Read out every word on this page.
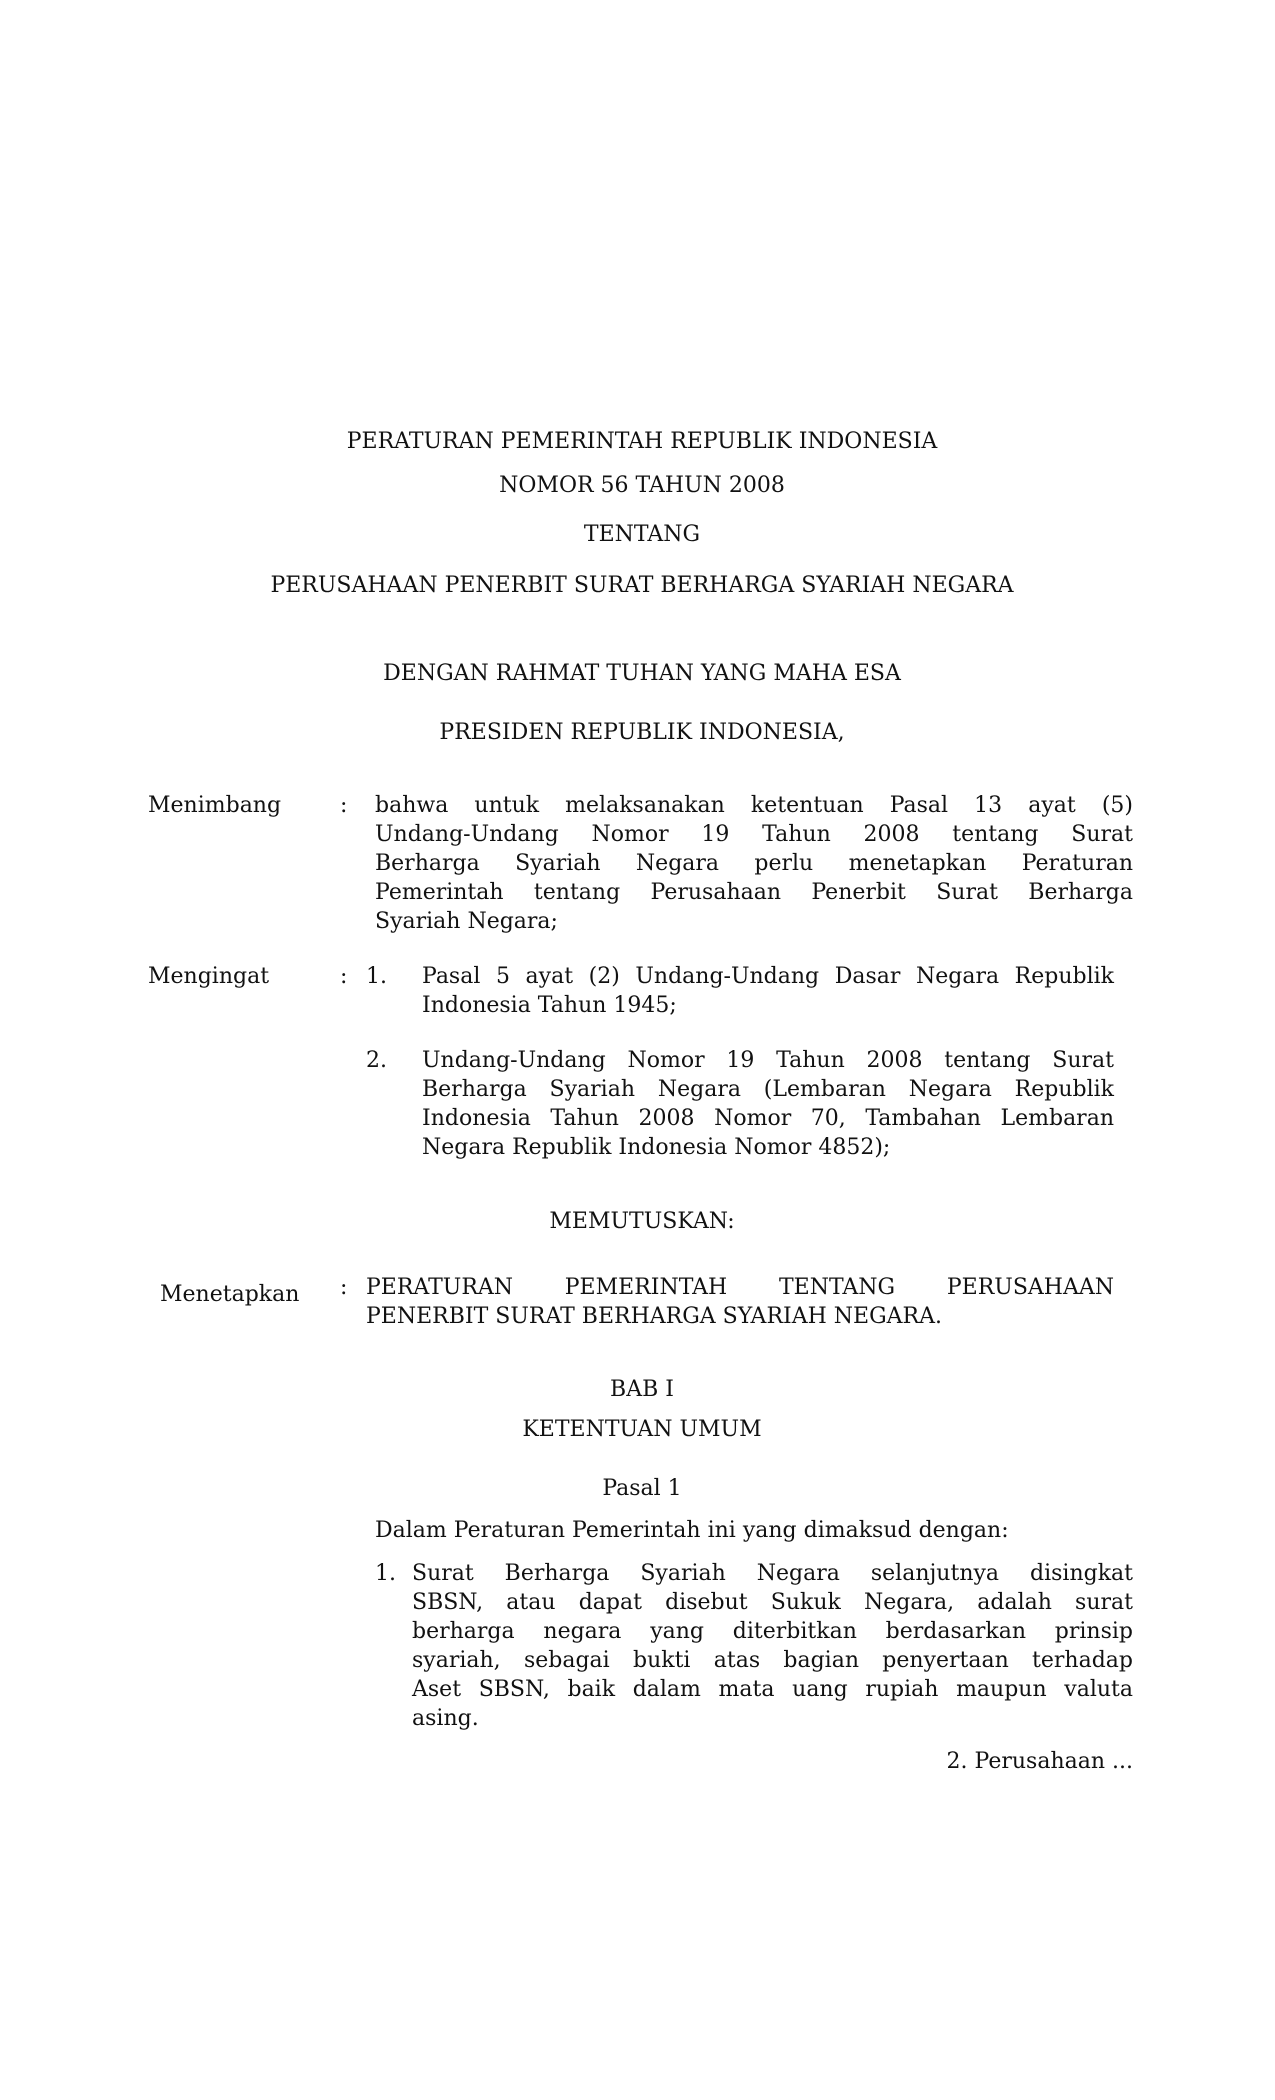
PERATURAN PEMERINTAH REPUBLIK INDONESIA
NOMOR 56 TAHUN 2008
TENTANG
PERUSAHAAN PENERBIT SURAT BERHARGA SYARIAH NEGARA
DENGAN RAHMAT TUHAN YANG MAHA ESA
PRESIDEN REPUBLIK INDONESIA,
Menimbang	: bahwa untuk melaksanakan ketentuan Pasal 13 ayat (5)
Undang-Undang Nomor 19 Tahun 2008 tentang Surat
Berharga Syariah Negara perlu menetapkan Peraturan
Pemerintah tentang Perusahaan Penerbit Surat Berharga
Syariah Negara;
Mengingat	: 1. Pasal 5 ayat (2) Undang-Undang Dasar Negara Republik
Indonesia Tahun 1945;
2. Undang-Undang Nomor 19 Tahun 2008 tentang Surat
Berharga Syariah Negara (Lembaran Negara Republik
Indonesia Tahun 2008 Nomor 70, Tambahan Lembaran
Negara Republik Indonesia Nomor 4852);
MEMUTUSKAN:
Menetapkan : PERATURAN PEMERINTAH TENTANG PERUSAHAAN
PENERBIT SURAT BERHARGA SYARIAH NEGARA.
BAB I
KETENTUAN UMUM
Pasal 1
Dalam Peraturan Pemerintah ini yang dimaksud dengan:
1. Surat Berharga Syariah Negara selanjutnya disingkat
SBSN, atau dapat disebut Sukuk Negara, adalah surat
berharga negara yang diterbitkan berdasarkan prinsip
syariah, sebagai bukti atas bagian penyertaan terhadap
Aset SBSN, baik dalam mata uang rupiah maupun valuta
asing.
2. Perusahaan ...
